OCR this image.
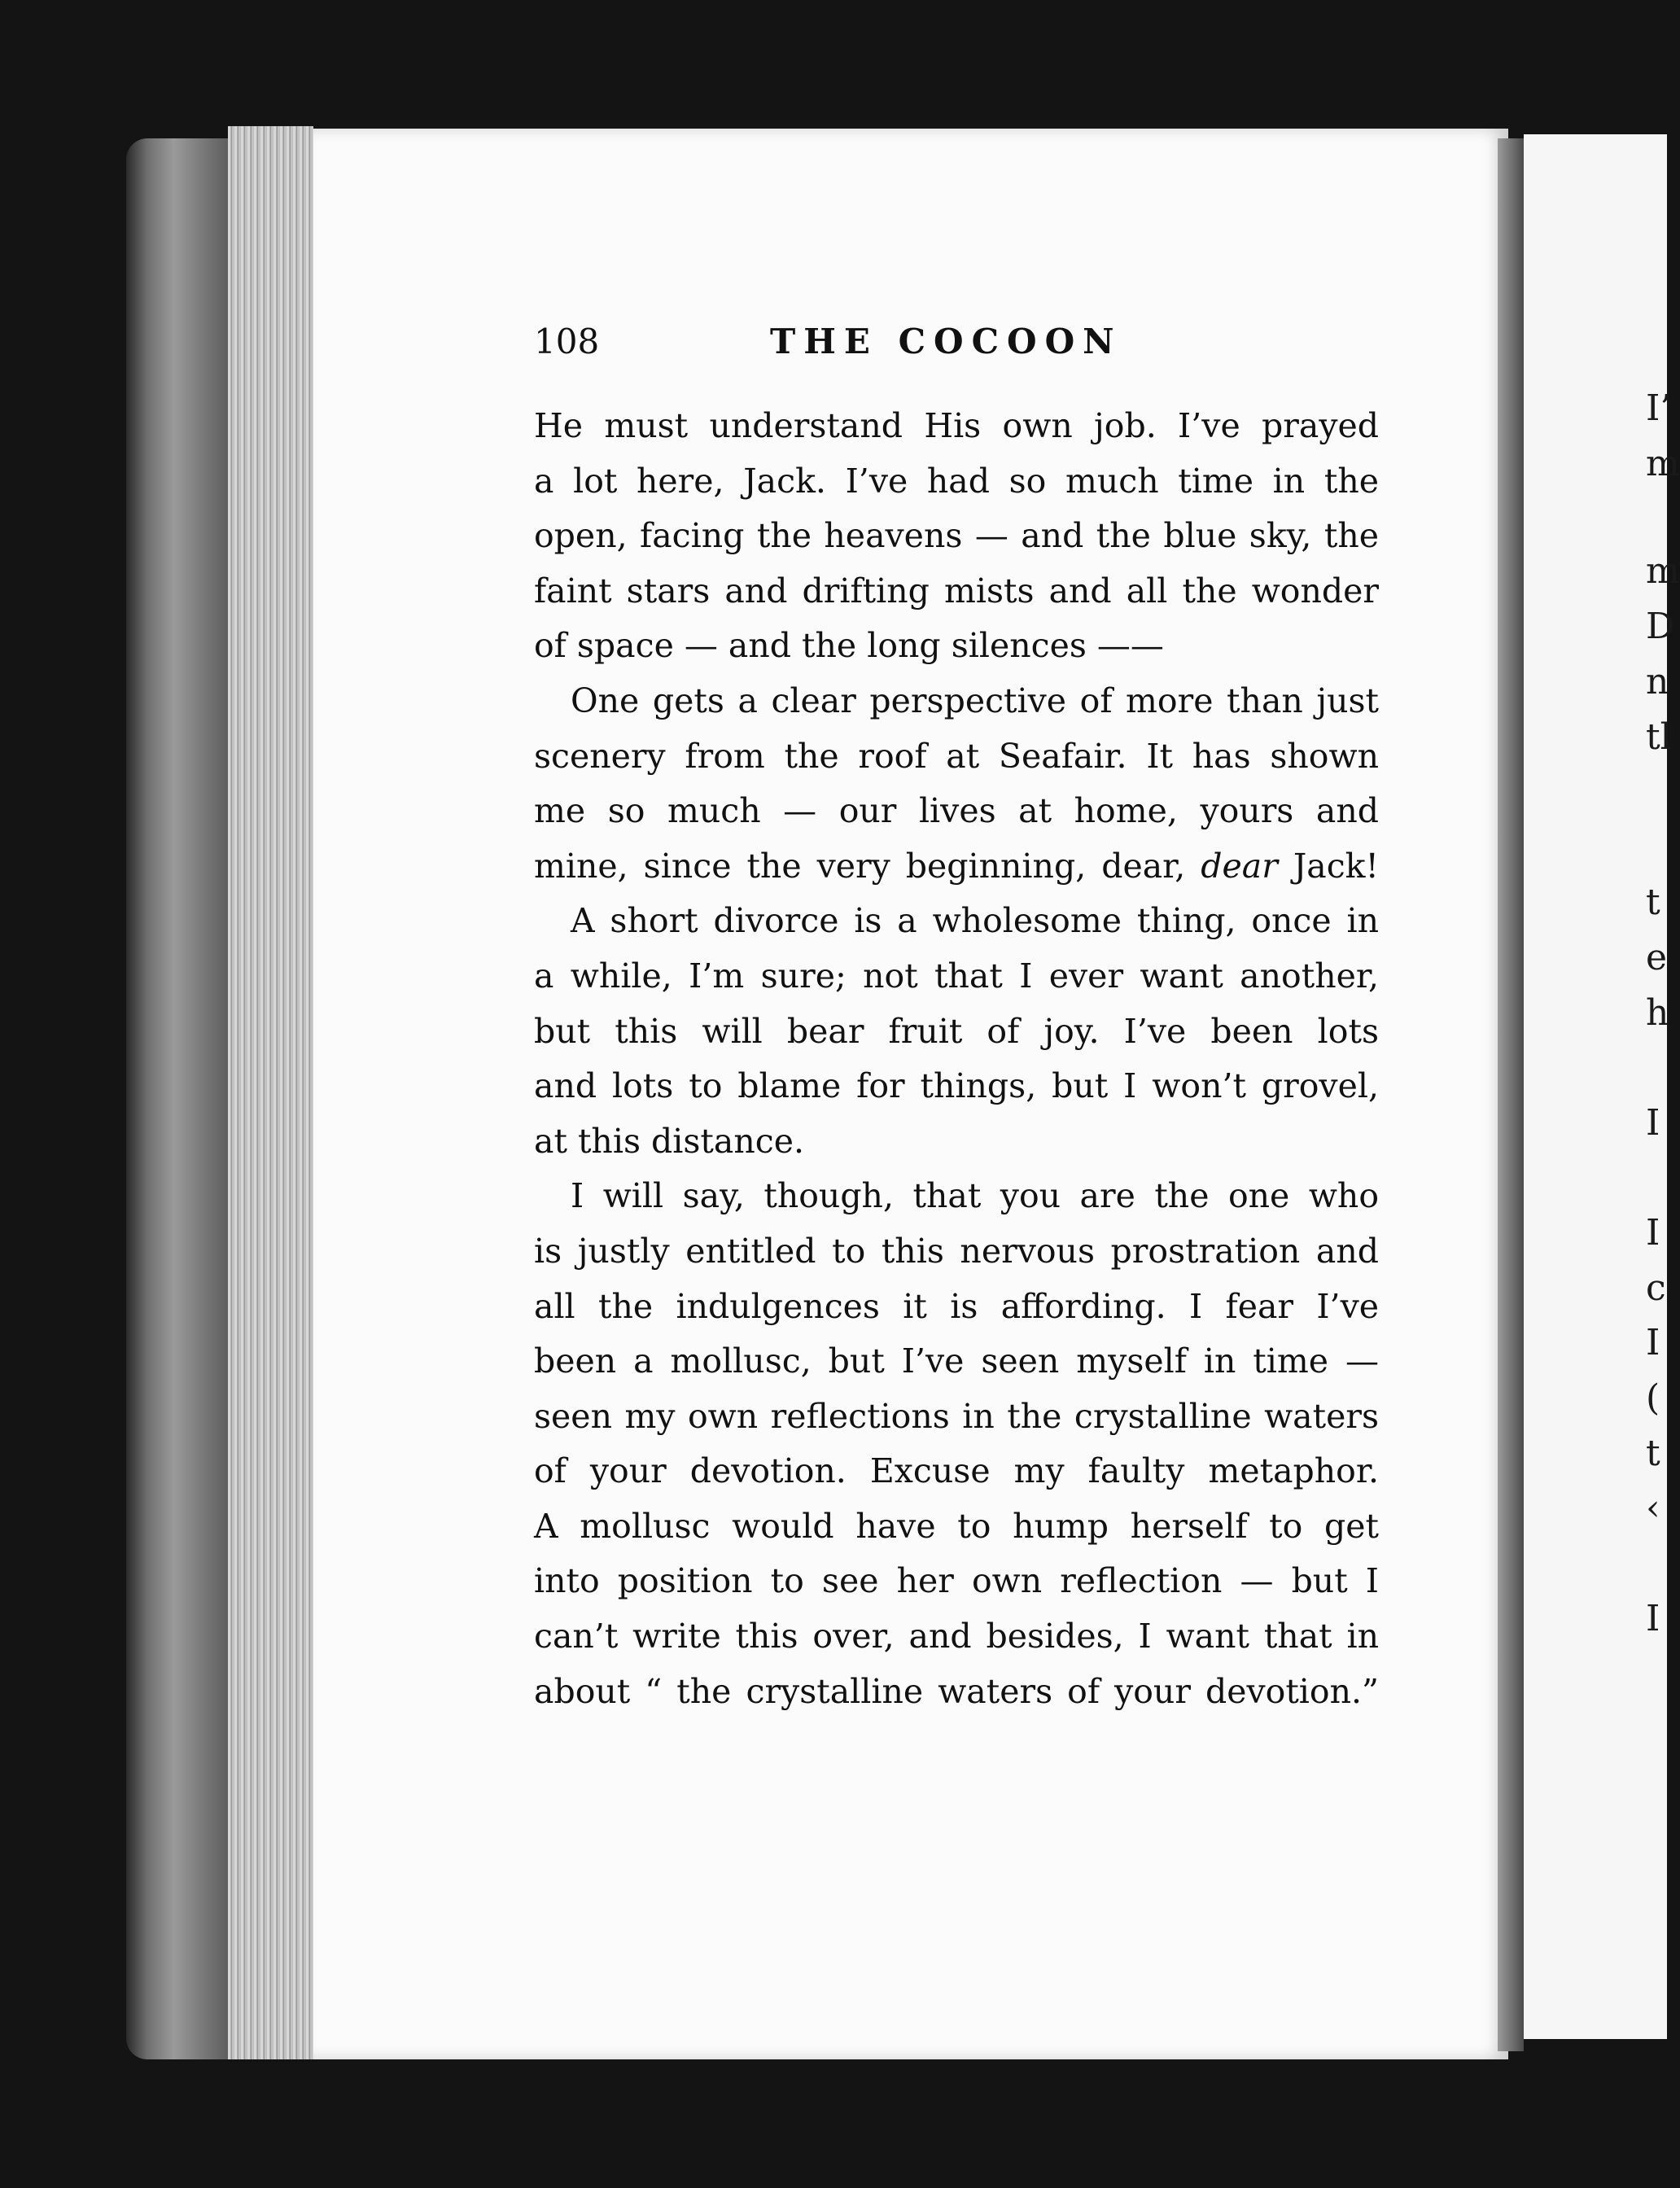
108	THE COCOON
He must understand His own job. I’ve prayed
a lot here, Jack. I’ve had so much time in the
open, facing the heavens — and the blue sky, the
faint stars and drifting mists and all the wonder
of space — and the long silences ——
One gets a clear perspective of more than just
scenery from the roof at Seafair. It has shown
me so much — our lives at home, yours and
mine, since the very beginning, dear, dear Jack!
A short divorce is a wholesome thing, once in
a while, I’m sure; not that I ever want another,
but this will bear fruit of joy. I’ve been lots
and lots to blame for things, but I won’t grovel,
at this distance.
I will say, though, that you are the one who
is justly entitled to this nervous prostration and
all the indulgences it is affording. I fear I’ve
been a mollusc, but I’ve seen myself in time —
seen my own reflections in the crystalline waters
of your devotion. Excuse my faulty metaphor.
A mollusc would have to hump herself to get
into position to see her own reflection — but I
can’t write this over, and besides, I want that in
about “ the crystalline waters of your devotion.”
I’
m
m
D
n
tl
t
e
h
I
I
c
I
(
t
‹
I
